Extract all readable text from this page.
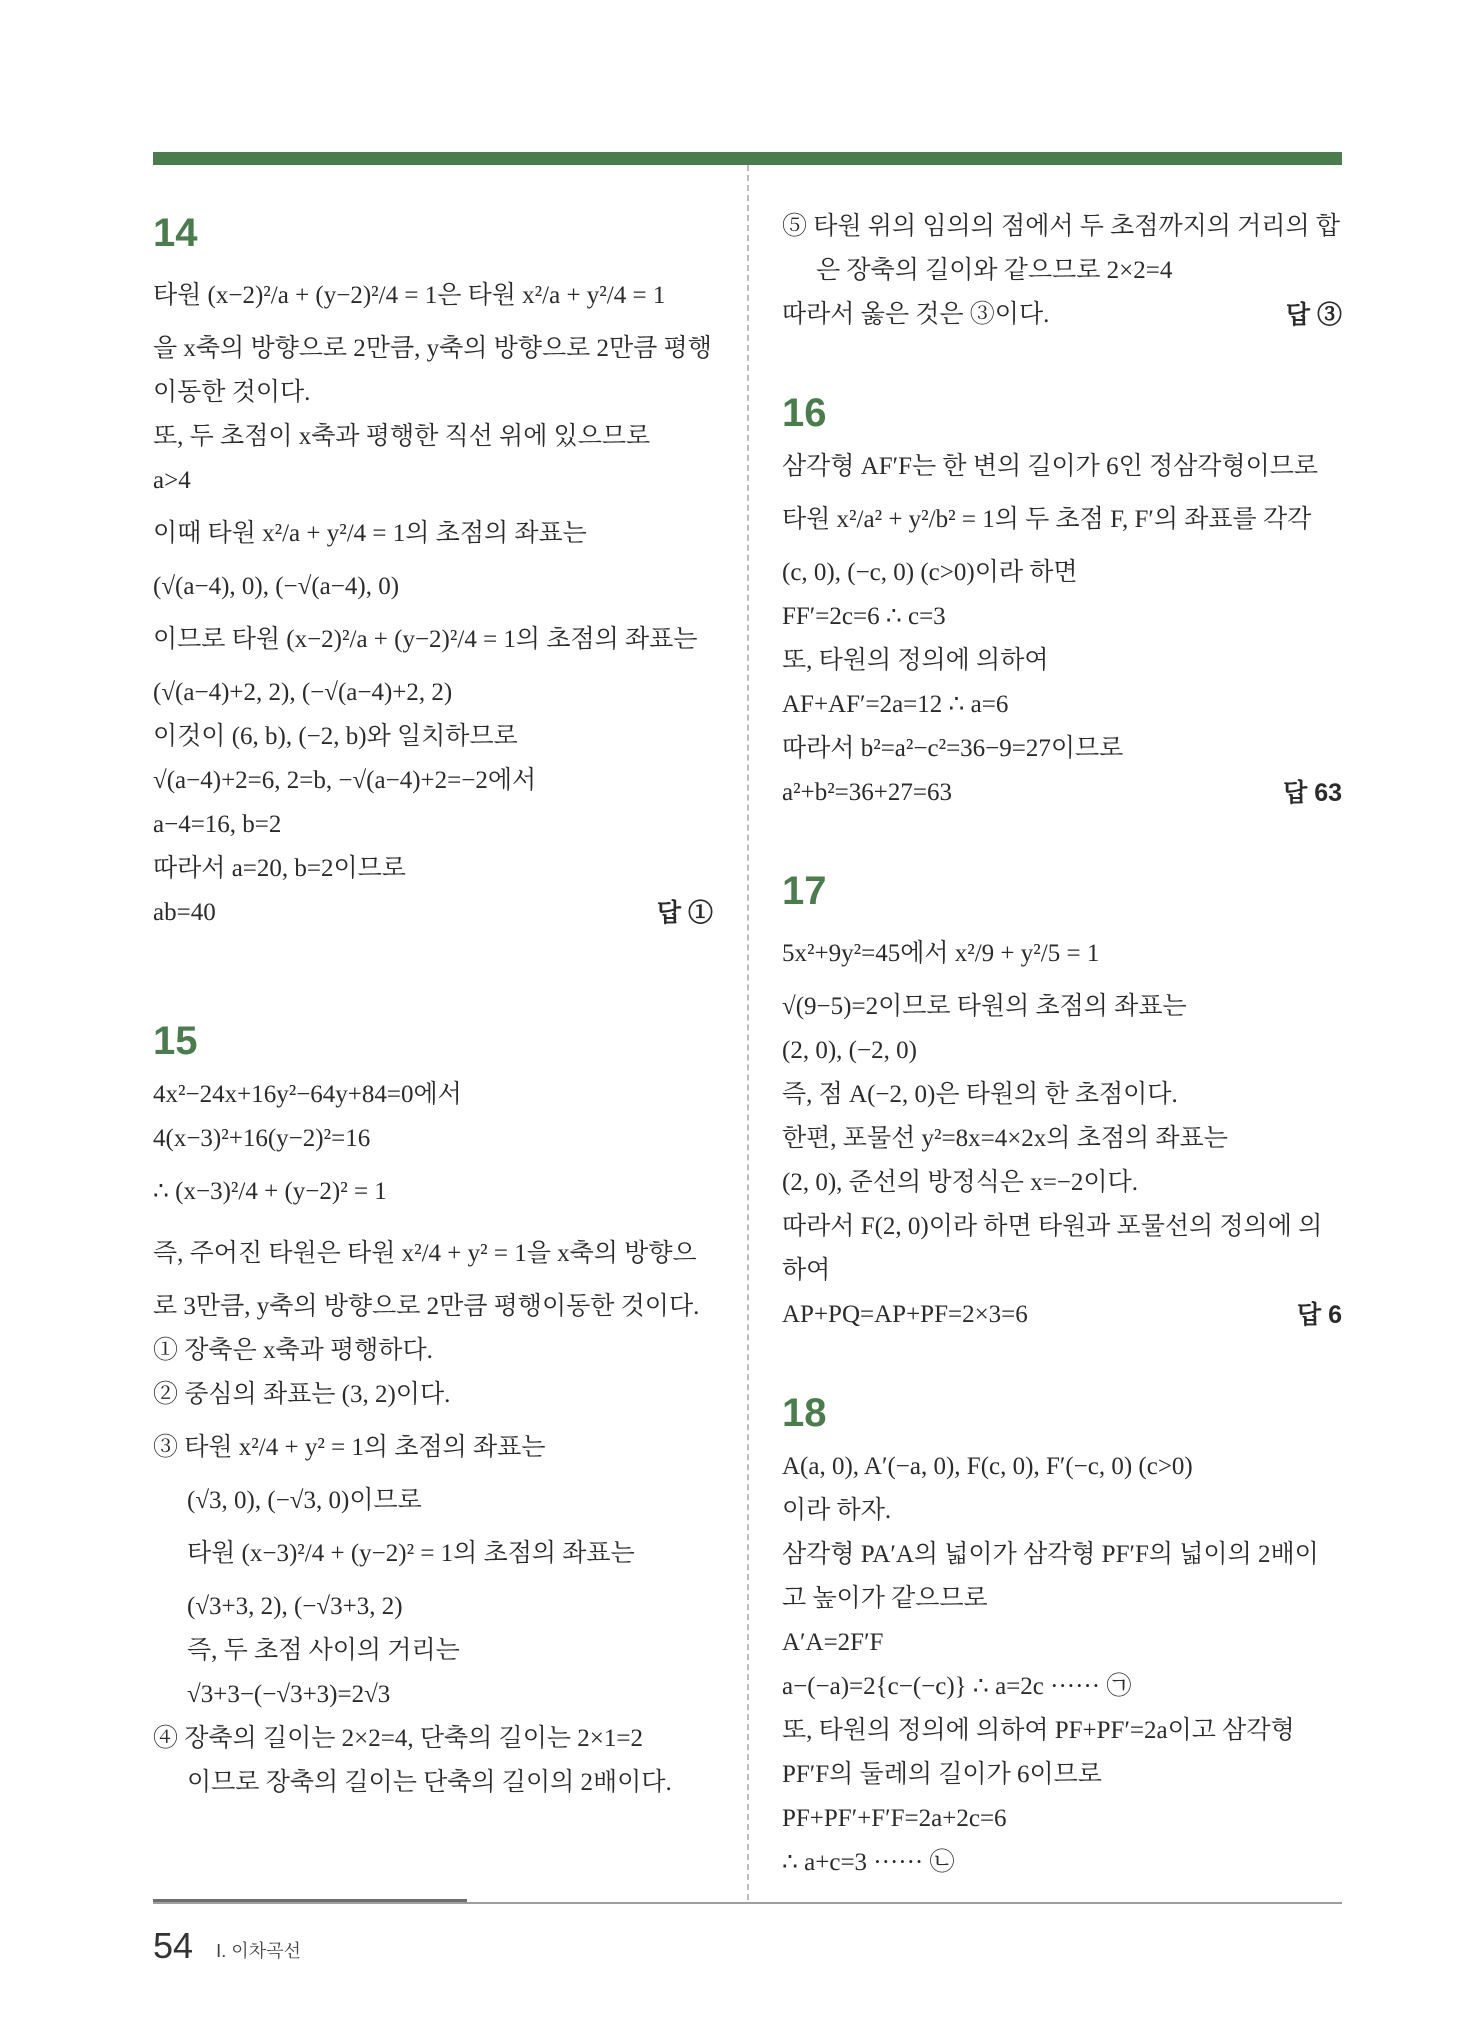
14
타원 (x−2)²/a + (y−2)²/4 = 1은 타원 x²/a + y²/4 = 1
을 x축의 방향으로 2만큼, y축의 방향으로 2만큼 평행
이동한 것이다.
또, 두 초점이 x축과 평행한 직선 위에 있으므로
a>4
이때 타원 x²/a + y²/4 = 1의 초점의 좌표는
(√(a−4), 0), (−√(a−4), 0)
이므로 타원 (x−2)²/a + (y−2)²/4 = 1의 초점의 좌표는
(√(a−4)+2, 2), (−√(a−4)+2, 2)
이것이 (6, b), (−2, b)와 일치하므로
√(a−4)+2=6, 2=b, −√(a−4)+2=−2에서
a−4=16, b=2
따라서 a=20, b=2이므로
ab=40	답 ①
15
4x²−24x+16y²−64y+84=0에서
4(x−3)²+16(y−2)²=16
∴ (x−3)²/4 + (y−2)² = 1
즉, 주어진 타원은 타원 x²/4 + y² = 1을 x축의 방향으
로 3만큼, y축의 방향으로 2만큼 평행이동한 것이다.
① 장축은 x축과 평행하다.
② 중심의 좌표는 (3, 2)이다.
③ 타원 x²/4 + y² = 1의 초점의 좌표는
(√3, 0), (−√3, 0)이므로
타원 (x−3)²/4 + (y−2)² = 1의 초점의 좌표는
(√3+3, 2), (−√3+3, 2)
즉, 두 초점 사이의 거리는
√3+3−(−√3+3)=2√3
④ 장축의 길이는 2×2=4, 단축의 길이는 2×1=2
이므로 장축의 길이는 단축의 길이의 2배이다.
⑤ 타원 위의 임의의 점에서 두 초점까지의 거리의 합
은 장축의 길이와 같으므로 2×2=4
따라서 옳은 것은 ③이다.	답 ③
16
삼각형 AF′F는 한 변의 길이가 6인 정삼각형이므로
타원 x²/a² + y²/b² = 1의 두 초점 F, F′의 좌표를 각각
(c, 0), (−c, 0) (c>0)이라 하면
FF′=2c=6 ∴ c=3
또, 타원의 정의에 의하여
AF+AF′=2a=12 ∴ a=6
따라서 b²=a²−c²=36−9=27이므로
a²+b²=36+27=63	답 63
17
5x²+9y²=45에서 x²/9 + y²/5 = 1
√(9−5)=2이므로 타원의 초점의 좌표는
(2, 0), (−2, 0)
즉, 점 A(−2, 0)은 타원의 한 초점이다.
한편, 포물선 y²=8x=4×2x의 초점의 좌표는
(2, 0), 준선의 방정식은 x=−2이다.
따라서 F(2, 0)이라 하면 타원과 포물선의 정의에 의
하여
AP+PQ=AP+PF=2×3=6	답 6
18
A(a, 0), A′(−a, 0), F(c, 0), F′(−c, 0) (c>0)
이라 하자.
삼각형 PA′A의 넓이가 삼각형 PF′F의 넓이의 2배이
고 높이가 같으므로
A′A=2F′F
a−(−a)=2{c−(−c)} ∴ a=2c ······ ㉠
또, 타원의 정의에 의하여 PF+PF′=2a이고 삼각형
PF′F의 둘레의 길이가 6이므로
PF+PF′+F′F=2a+2c=6
∴ a+c=3 ······ ㉡
54 Ⅰ. 이차곡선
